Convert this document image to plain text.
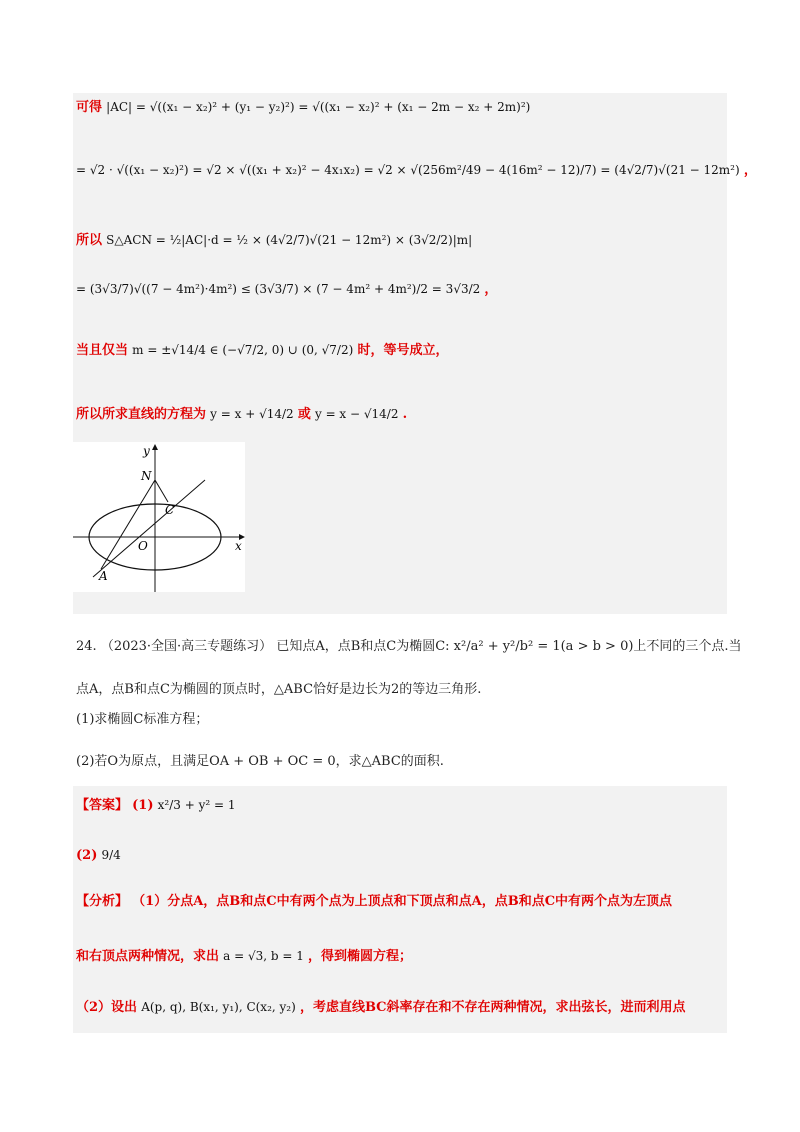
可得 |AC| = √((x₁ − x₂)² + (y₁ − y₂)²) = √((x₁ − x₂)² + (x₁ − 2m − x₂ + 2m)²)
= √2 · √((x₁ − x₂)²) = √2 × √((x₁ + x₂)² − 4x₁x₂) = √2 × √(256m²/49 − 4(16m² − 12)/7) = (4√2/7)√(21 − 12m²) ，
所以 S△ACN = ½|AC|·d = ½ × (4√2/7)√(21 − 12m²) × (3√2/2)|m|
= (3√3/7)√((7 − 4m²)·4m²) ≤ (3√3/7) × (7 − 4m² + 4m²)/2 = 3√3/2 ，
当且仅当 m = ±√14/4 ∈ (−√7/2, 0) ∪ (0, √7/2) 时，等号成立，
所以所求直线的方程为 y = x + √14/2 或 y = x − √14/2 .
y
x
N
C
O
A
24. （2023·全国·高三专题练习） 已知点A，点B和点C为椭圆C: x²/a² + y²/b² = 1(a > b > 0)上不同的三个点.当
点A，点B和点C为椭圆的顶点时，△ABC恰好是边长为2的等边三角形.
(1)求椭圆C标准方程；
(2)若O为原点，且满足OA + OB + OC = 0，求△ABC的面积.
【答案】 (1) x²/3 + y² = 1
(2) 9/4
【分析】 （1）分点A，点B和点C中有两个点为上顶点和下顶点和点A，点B和点C中有两个点为左顶点
和右顶点两种情况，求出 a = √3, b = 1 ，得到椭圆方程；
（2）设出 A(p, q), B(x₁, y₁), C(x₂, y₂) ，考虑直线BC斜率存在和不存在两种情况，求出弦长，进而利用点
